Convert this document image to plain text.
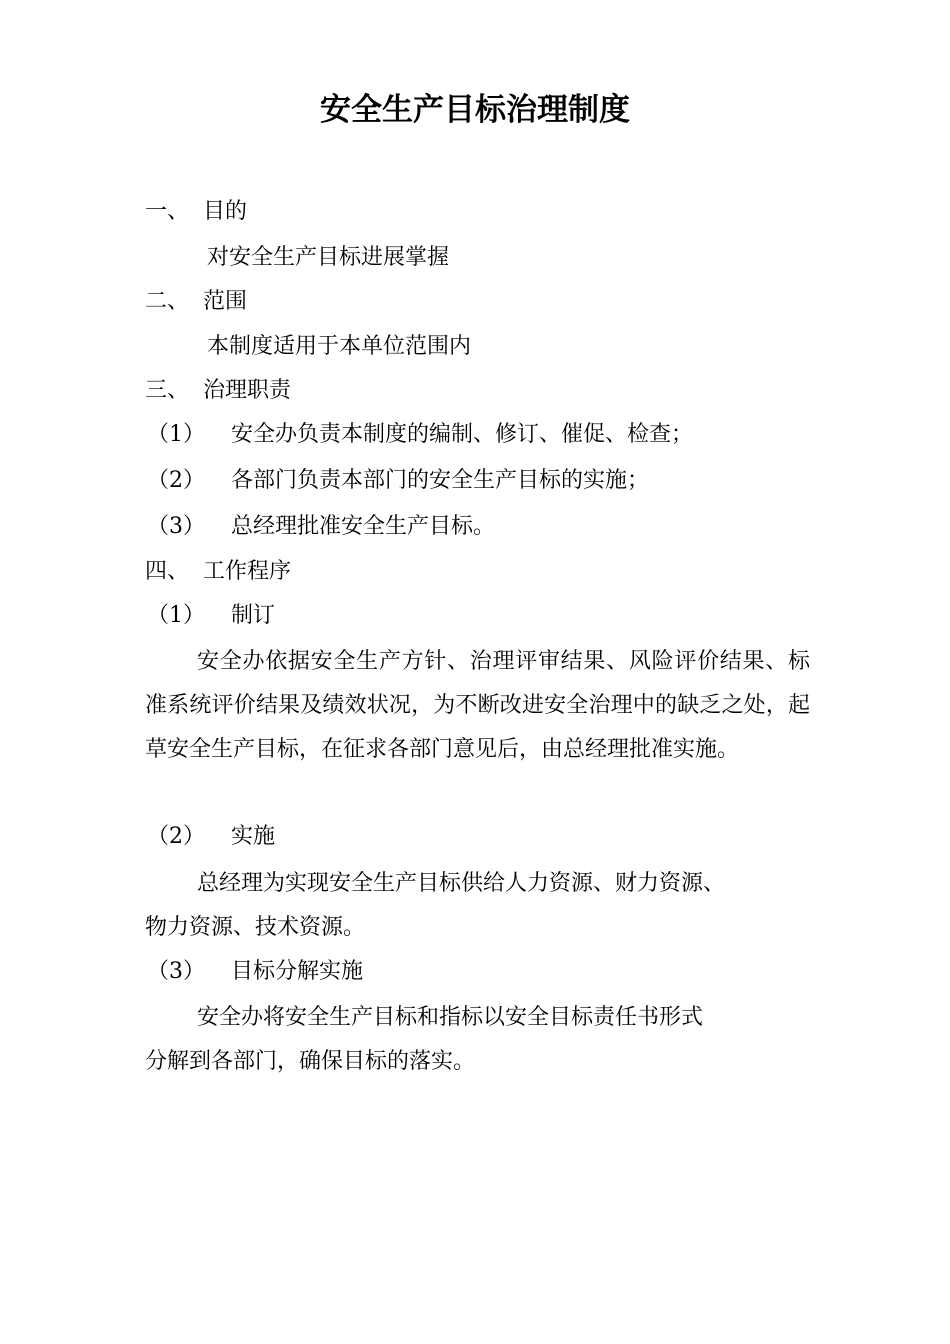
安全生产目标治理制度
一、 目的
对安全生产目标进展掌握
二、 范围
本制度适用于本单位范围内
三、 治理职责
（1） 安全办负责本制度的编制、修订、催促、检查；
（2） 各部门负责本部门的安全生产目标的实施；
（3） 总经理批准安全生产目标。
四、 工作程序
（1） 制订
安全办依据安全生产方针、治理评审结果、风险评价结果、标准系统评价结果及绩效状况，为不断改进安全治理中的缺乏之处，起草安全生产目标，在征求各部门意见后，由总经理批准实施。
（2） 实施
总经理为实现安全生产目标供给人力资源、财力资源、
物力资源、技术资源。
（3） 目标分解实施
安全办将安全生产目标和指标以安全目标责任书形式
分解到各部门，确保目标的落实。
